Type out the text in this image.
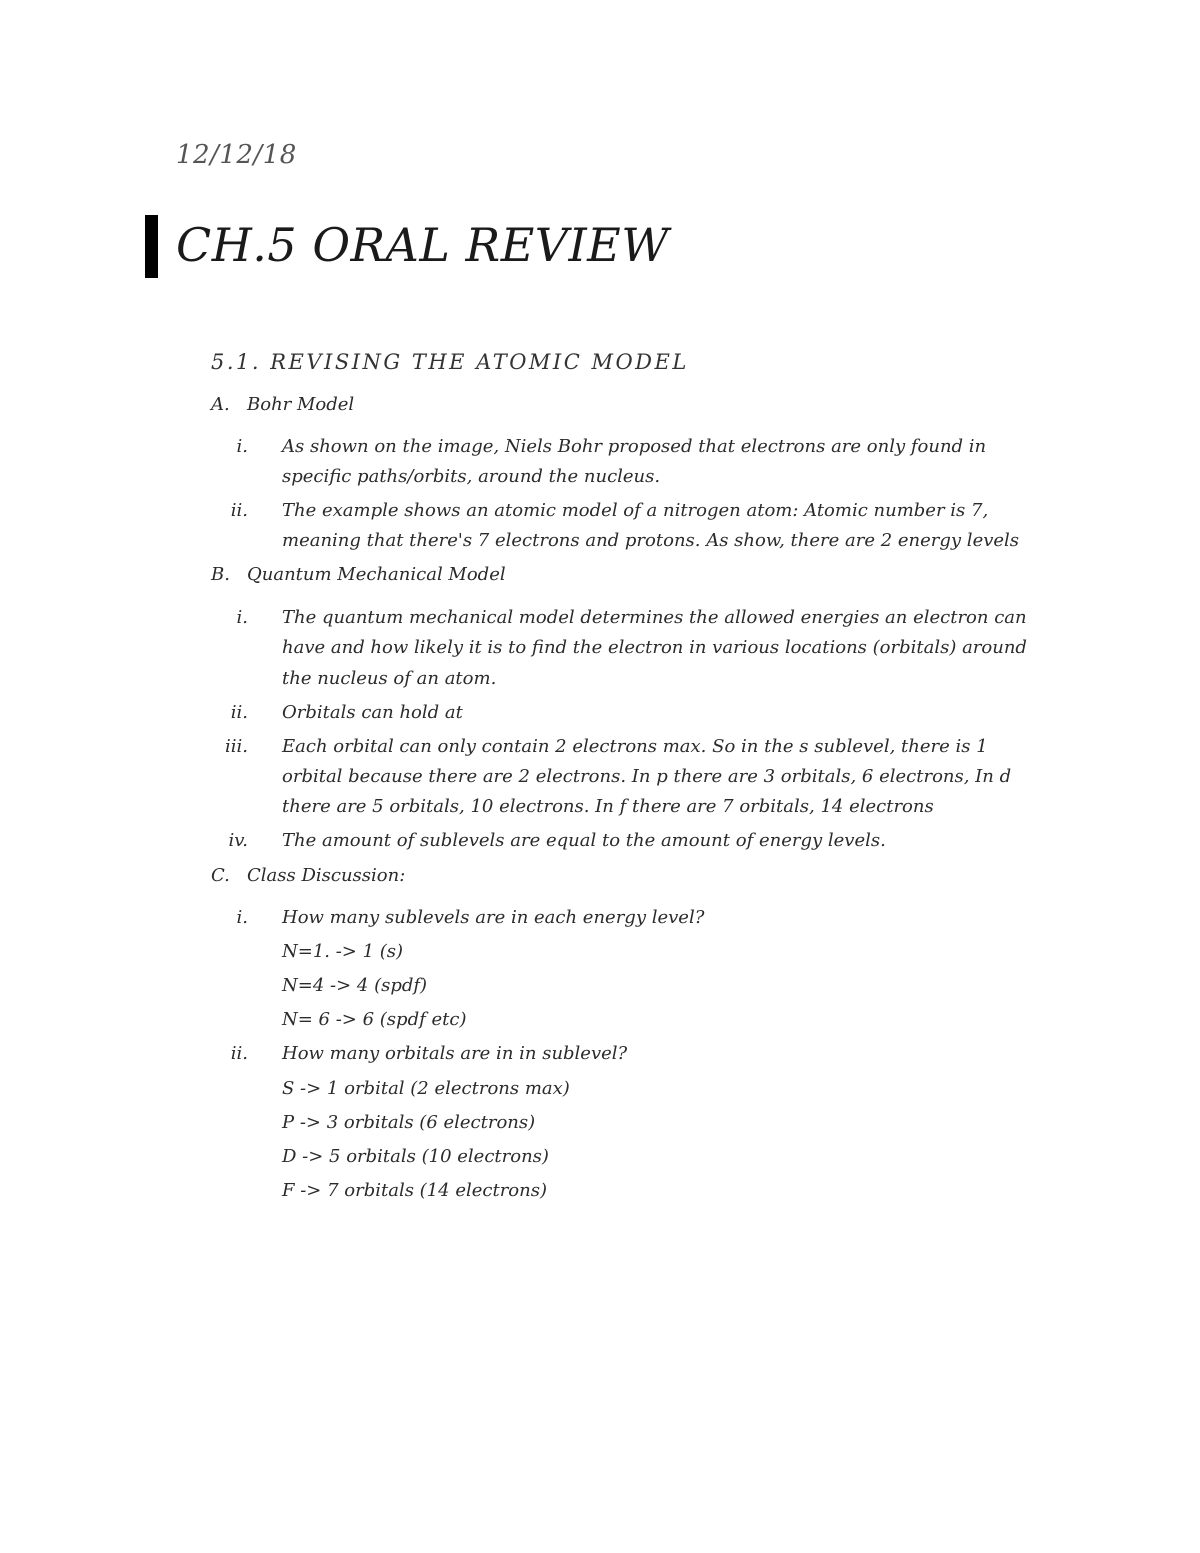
12/12/18
CH.5 ORAL REVIEW
5.1. REVISING THE ATOMIC MODEL
A. Bohr Model
i. As shown on the image, Niels Bohr proposed that electrons are only found in
specific paths/orbits, around the nucleus.
ii. The example shows an atomic model of a nitrogen atom: Atomic number is 7,
meaning that there's 7 electrons and protons. As show, there are 2 energy levels
B. Quantum Mechanical Model
i. The quantum mechanical model determines the allowed energies an electron can
have and how likely it is to find the electron in various locations (orbitals) around
the nucleus of an atom.
ii. Orbitals can hold at
iii. Each orbital can only contain 2 electrons max. So in the s sublevel, there is 1
orbital because there are 2 electrons. In p there are 3 orbitals, 6 electrons, In d
there are 5 orbitals, 10 electrons. In f there are 7 orbitals, 14 electrons
iv. The amount of sublevels are equal to the amount of energy levels.
C. Class Discussion:
i. How many sublevels are in each energy level?
N=1. -> 1 (s)
N=4 -> 4 (spdf)
N= 6 -> 6 (spdf etc)
ii. How many orbitals are in in sublevel?
S -> 1 orbital (2 electrons max)
P -> 3 orbitals (6 electrons)
D -> 5 orbitals (10 electrons)
F -> 7 orbitals (14 electrons)
